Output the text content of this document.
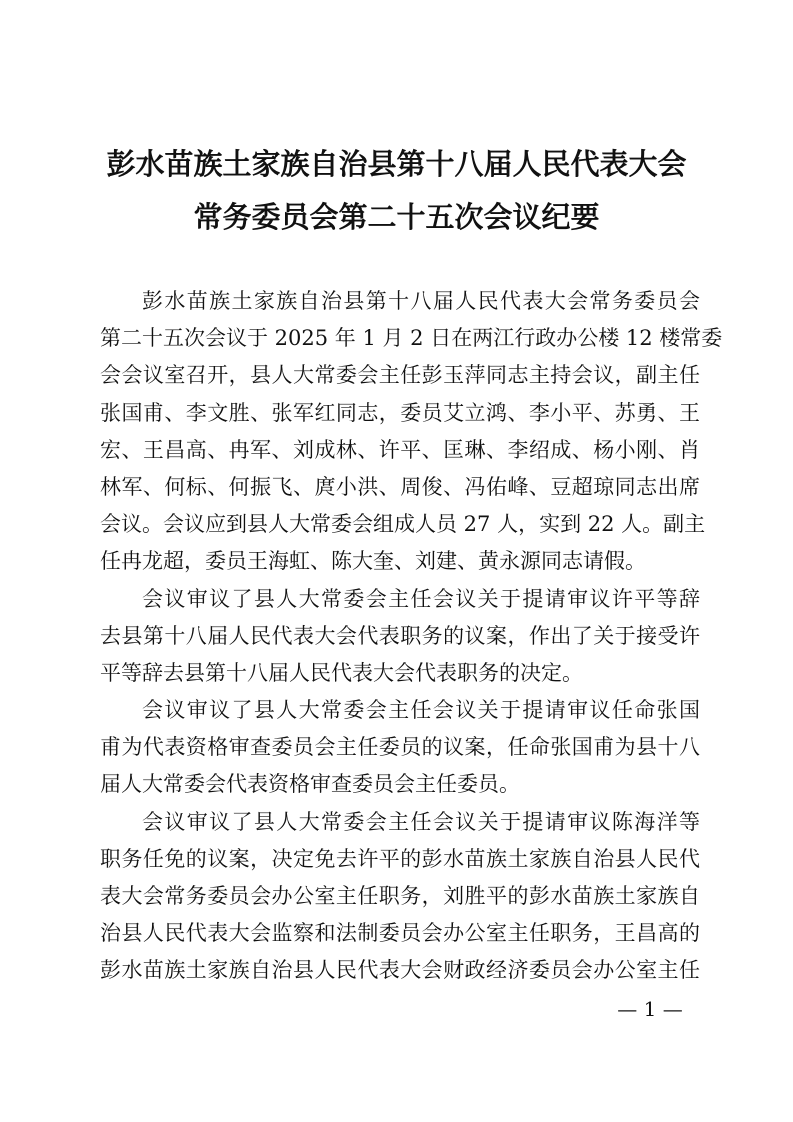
彭水苗族土家族自治县第十八届人民代表大会
常务委员会第二十五次会议纪要
彭水苗族土家族自治县第十八届人民代表大会常务委员会
第二十五次会议于 2025 年 1 月 2 日在两江行政办公楼 12 楼常委
会会议室召开，县人大常委会主任彭玉萍同志主持会议，副主任
张国甫、李文胜、张军红同志，委员艾立鸿、李小平、苏勇、王
宏、王昌高、冉军、刘成林、许平、匡琳、李绍成、杨小刚、肖
林军、何标、何振飞、庹小洪、周俊、冯佑峰、豆超琼同志出席
会议。会议应到县人大常委会组成人员 27 人，实到 22 人。副主
任冉龙超，委员王海虹、陈大奎、刘建、黄永源同志请假。
会议审议了县人大常委会主任会议关于提请审议许平等辞
去县第十八届人民代表大会代表职务的议案，作出了关于接受许
平等辞去县第十八届人民代表大会代表职务的决定。
会议审议了县人大常委会主任会议关于提请审议任命张国
甫为代表资格审查委员会主任委员的议案，任命张国甫为县十八
届人大常委会代表资格审查委员会主任委员。
会议审议了县人大常委会主任会议关于提请审议陈海洋等
职务任免的议案，决定免去许平的彭水苗族土家族自治县人民代
表大会常务委员会办公室主任职务，刘胜平的彭水苗族土家族自
治县人民代表大会监察和法制委员会办公室主任职务，王昌高的
彭水苗族土家族自治县人民代表大会财政经济委员会办公室主任
— 1 —
